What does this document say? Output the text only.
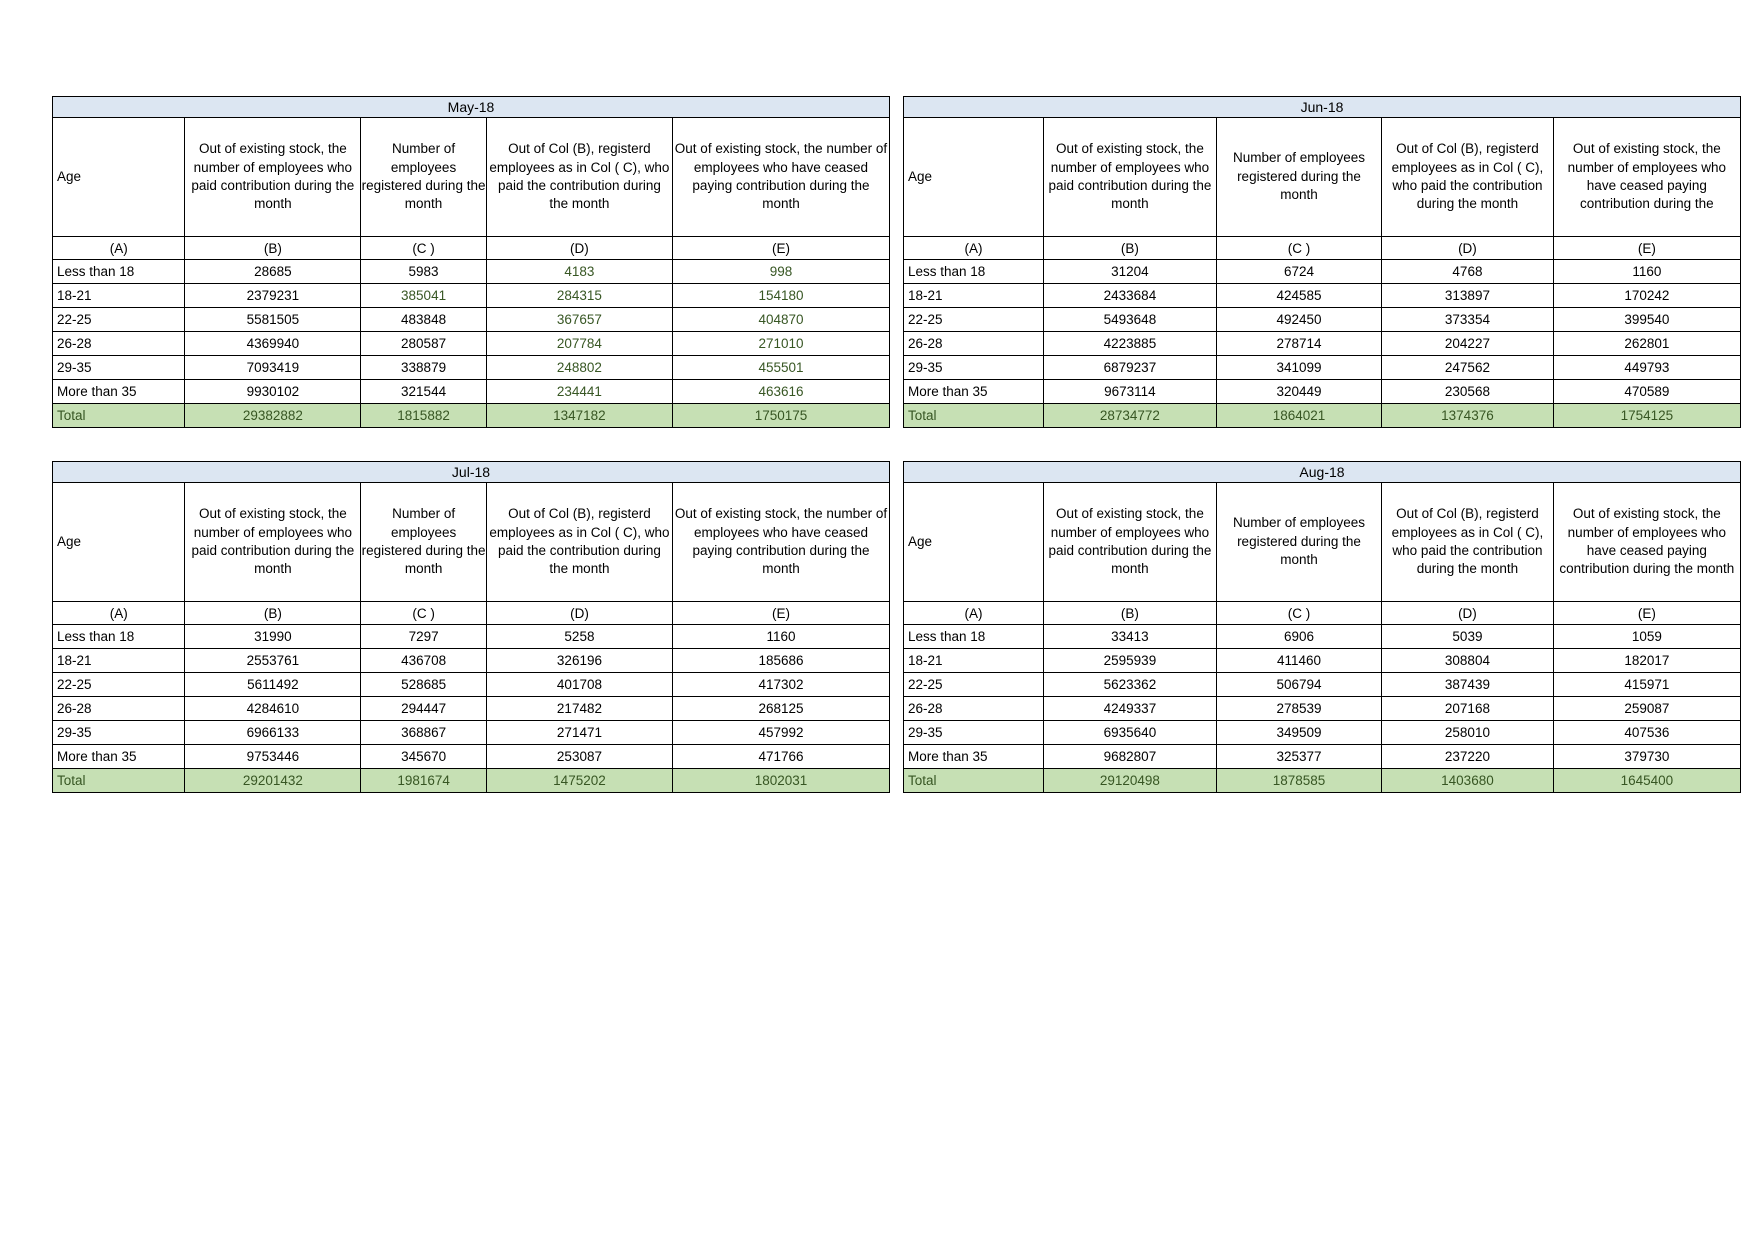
May-18				
Age	Out of existing stock, the number of employees who paid contribution during the month	Number of employees registered during the month	Out of Col (B), registerd employees as in Col ( C), who paid the contribution during the month	Out of existing stock, the number of employees who have ceased paying contribution during the month
(A)	(B)	(C )	(D)	(E)
Less than 18	28685	5983	4183	998
18-21	2379231	385041	284315	154180
22-25	5581505	483848	367657	404870
26-28	4369940	280587	207784	271010
29-35	7093419	338879	248802	455501
More than 35	9930102	321544	234441	463616
Total	29382882	1815882	1347182	1750175
Jun-18				
Age	Out of existing stock, the number of employees who paid contribution during the month	Number of employees registered during the month	Out of Col (B), registerd employees as in Col ( C), who paid the contribution during the month	Out of existing stock, the number of employees who have ceased paying contribution during the
(A)	(B)	(C )	(D)	(E)
Less than 18	31204	6724	4768	1160
18-21	2433684	424585	313897	170242
22-25	5493648	492450	373354	399540
26-28	4223885	278714	204227	262801
29-35	6879237	341099	247562	449793
More than 35	9673114	320449	230568	470589
Total	28734772	1864021	1374376	1754125
Jul-18				
Age	Out of existing stock, the number of employees who paid contribution during the month	Number of employees registered during the month	Out of Col (B), registerd employees as in Col ( C), who paid the contribution during the month	Out of existing stock, the number of employees who have ceased paying contribution during the month
(A)	(B)	(C )	(D)	(E)
Less than 18	31990	7297	5258	1160
18-21	2553761	436708	326196	185686
22-25	5611492	528685	401708	417302
26-28	4284610	294447	217482	268125
29-35	6966133	368867	271471	457992
More than 35	9753446	345670	253087	471766
Total	29201432	1981674	1475202	1802031
Aug-18				
Age	Out of existing stock, the number of employees who paid contribution during the month	Number of employees registered during the month	Out of Col (B), registerd employees as in Col ( C), who paid the contribution during the month	Out of existing stock, the number of employees who have ceased paying contribution during the month
(A)	(B)	(C )	(D)	(E)
Less than 18	33413	6906	5039	1059
18-21	2595939	411460	308804	182017
22-25	5623362	506794	387439	415971
26-28	4249337	278539	207168	259087
29-35	6935640	349509	258010	407536
More than 35	9682807	325377	237220	379730
Total	29120498	1878585	1403680	1645400
